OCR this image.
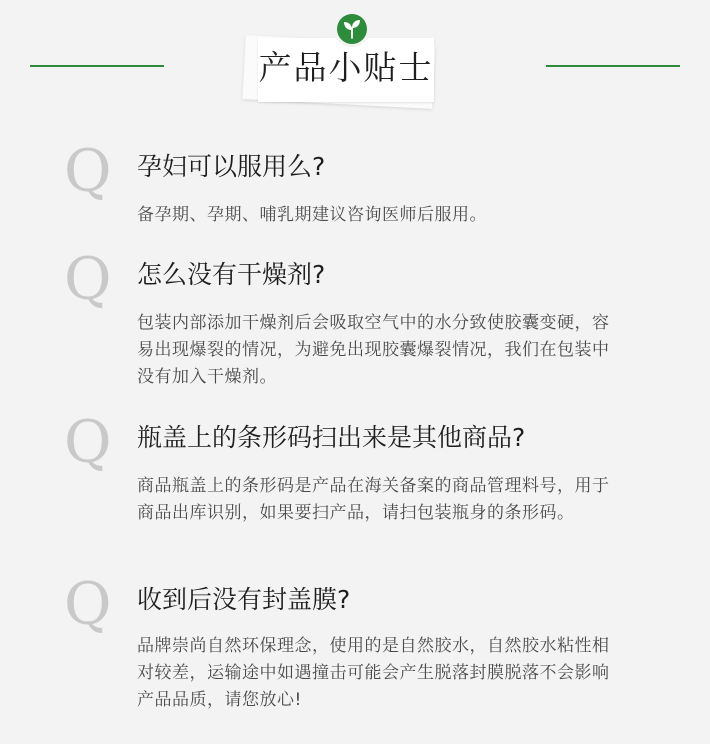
产品小贴士
Q 孕妇可以服用么?
备孕期、孕期、哺乳期建议咨询医师后服用。
Q 怎么没有干燥剂?
包装内部添加干燥剂后会吸取空气中的水分致使胶囊变硬，容易出现爆裂的情况，为避免出现胶囊爆裂情况，我们在包装中没有加入干燥剂。
Q 瓶盖上的条形码扫出来是其他商品?
商品瓶盖上的条形码是产品在海关备案的商品管理料号，用于商品出库识别，如果要扫产品，请扫包装瓶身的条形码。
Q 收到后没有封盖膜?
品牌崇尚自然环保理念，使用的是自然胶水，自然胶水粘性相对较差，运输途中如遇撞击可能会产生脱落封膜脱落不会影响产品品质，请您放心!
